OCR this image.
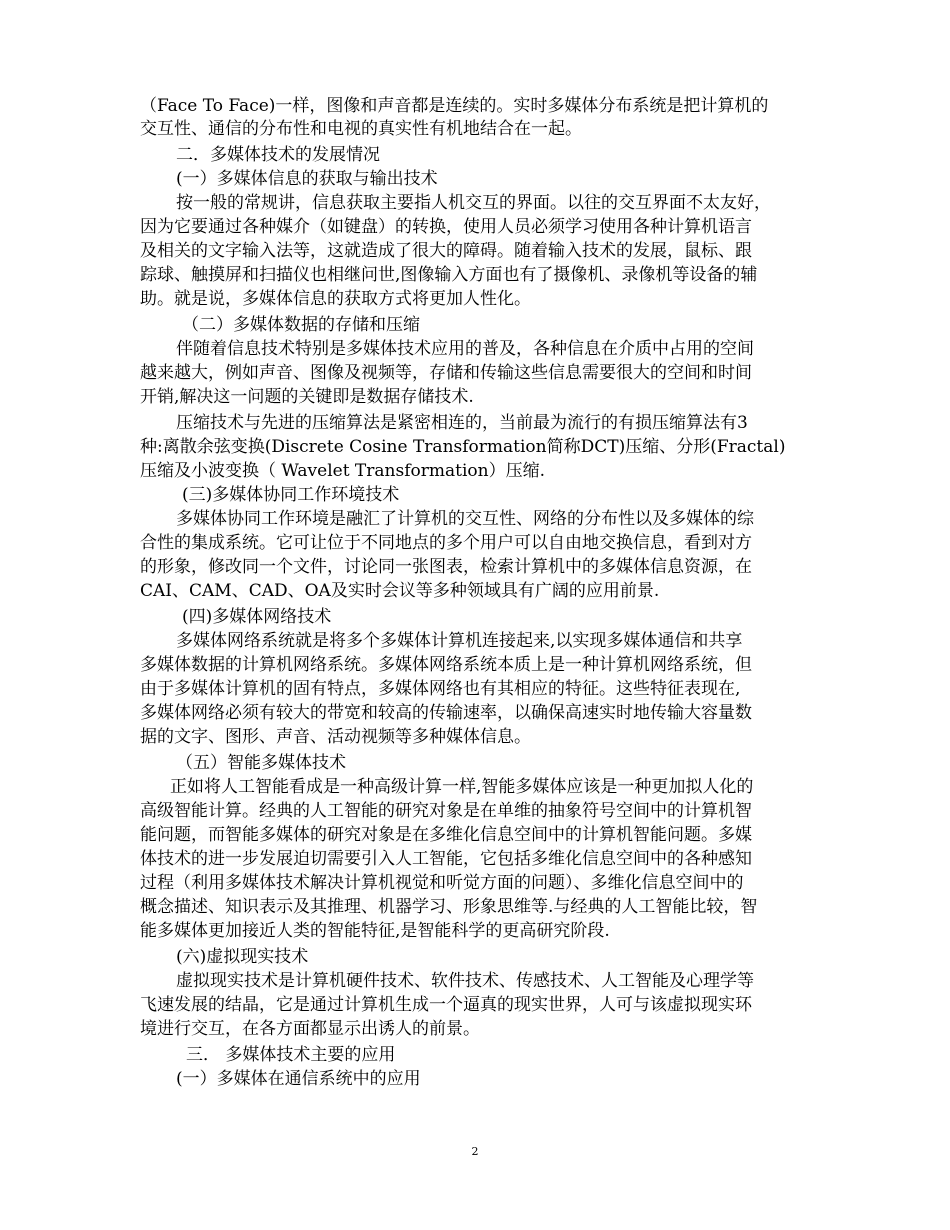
（Face To Face)一样，图像和声音都是连续的。实时多媒体分布系统是把计算机的

交互性、通信的分布性和电视的真实性有机地结合在一起。

二．多媒体技术的发展情况

(一）多媒体信息的获取与输出技术

按一般的常规讲，信息获取主要指人机交互的界面。以往的交互界面不太友好，

因为它要通过各种媒介（如键盘）的转换，使用人员必须学习使用各种计算机语言

及相关的文字输入法等，这就造成了很大的障碍。随着输入技术的发展，鼠标、跟

踪球、触摸屏和扫描仪也相继问世,图像输入方面也有了摄像机、录像机等设备的辅

助。就是说，多媒体信息的获取方式将更加人性化。

（二）多媒体数据的存储和压缩

伴随着信息技术特别是多媒体技术应用的普及，各种信息在介质中占用的空间

越来越大，例如声音、图像及视频等，存储和传输这些信息需要很大的空间和时间

开销,解决这一问题的关键即是数据存储技术.

压缩技术与先进的压缩算法是紧密相连的，当前最为流行的有损压缩算法有3

种:离散余弦变换(Discrete Cosine Transformation简称DCT)压缩、分形(Fractal)

压缩及小波变换（ Wavelet Transformation）压缩.

(三)多媒体协同工作环境技术

多媒体协同工作环境是融汇了计算机的交互性、网络的分布性以及多媒体的综

合性的集成系统。它可让位于不同地点的多个用户可以自由地交换信息，看到对方

的形象，修改同一个文件，讨论同一张图表，检索计算机中的多媒体信息资源，在

CAI、CAM、CAD、OA及实时会议等多种领域具有广阔的应用前景.

(四)多媒体网络技术

多媒体网络系统就是将多个多媒体计算机连接起来,以实现多媒体通信和共享

多媒体数据的计算机网络系统。多媒体网络系统本质上是一种计算机网络系统，但

由于多媒体计算机的固有特点，多媒体网络也有其相应的特征。这些特征表现在,

多媒体网络必须有较大的带宽和较高的传输速率，以确保高速实时地传输大容量数

据的文字、图形、声音、活动视频等多种媒体信息。

（五）智能多媒体技术

正如将人工智能看成是一种高级计算一样,智能多媒体应该是一种更加拟人化的

高级智能计算。经典的人工智能的研究对象是在单维的抽象符号空间中的计算机智

能问题，而智能多媒体的研究对象是在多维化信息空间中的计算机智能问题。多媒

体技术的进一步发展迫切需要引入人工智能，它包括多维化信息空间中的各种感知

过程（利用多媒体技术解决计算机视觉和听觉方面的问题）、多维化信息空间中的

概念描述、知识表示及其推理、机器学习、形象思维等.与经典的人工智能比较，智

能多媒体更加接近人类的智能特征,是智能科学的更高研究阶段.

(六)虚拟现实技术

虚拟现实技术是计算机硬件技术、软件技术、传感技术、人工智能及心理学等

飞速发展的结晶，它是通过计算机生成一个逼真的现实世界，人可与该虚拟现实环

境进行交互，在各方面都显示出诱人的前景。

三． 多媒体技术主要的应用

(一）多媒体在通信系统中的应用

2
